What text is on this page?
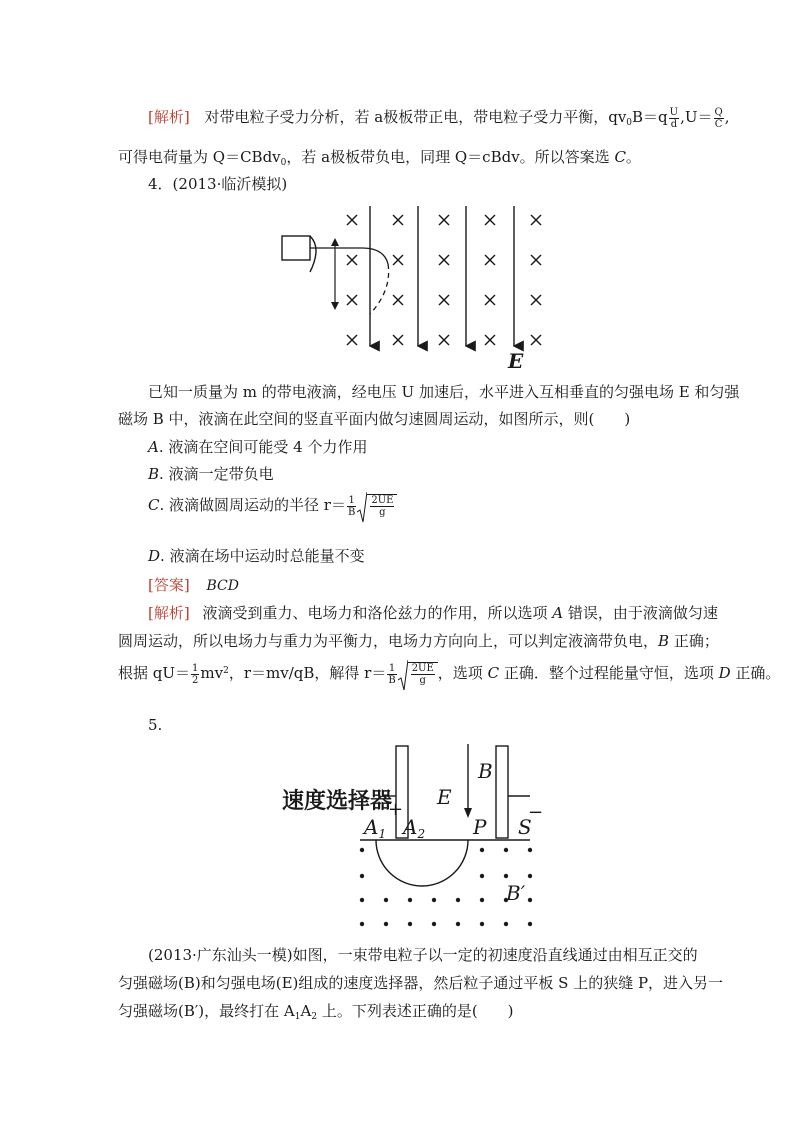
[解析] 对带电粒子受力分析，若 a极板带正电，带电粒子受力平衡，$qv_0B=q \frac{U}{d} ,U= \frac{Q}{C}$ ,
可得电荷量为 Q＝CBdv$_0$，若 a极板带负电，同理 Q＝cBdv。所以答案选 C。
4．(2013·临沂模拟)
E
已知一质量为 m 的带电液滴，经电压 U 加速后，水平进入互相垂直的匀强电场 E 和匀强
磁场 B 中，液滴在此空间的竖直平面内做匀速圆周运动，如图所示，则(　　)
A. 液滴在空间可能受 4 个力作用
B. 液滴一定带负电
C. 液滴做圆周运动的半径 $r= \frac{1}{B} \frac{2UE}{g}$
D. 液滴在场中运动时总能量不变
[答案] BCD
[解析] 液滴受到重力、电场力和洛伦兹力的作用，所以选项 A 错误，由于液滴做匀速
圆周运动，所以电场力与重力为平衡力，电场力方向向上，可以判定液滴带负电，B 正确；
根据 $qU= \frac{1}{2} mv^2$，r＝mv/qB，解得 $r= \frac{1}{B} \frac{2UE}{g}$ ，选项 C 正确．整个过程能量守恒，选项 D 正确。
5.
速度选择器
+
E
−
B
$A_1$ $A_2$ P S
B′
(2013·广东汕头一模)如图，一束带电粒子以一定的初速度沿直线通过由相互正交的
匀强磁场(B)和匀强电场(E)组成的速度选择器，然后粒子通过平板 S 上的狭缝 P，进入另一
匀强磁场(B′)，最终打在 $A_1A_2$ 上。下列表述正确的是(　　)
